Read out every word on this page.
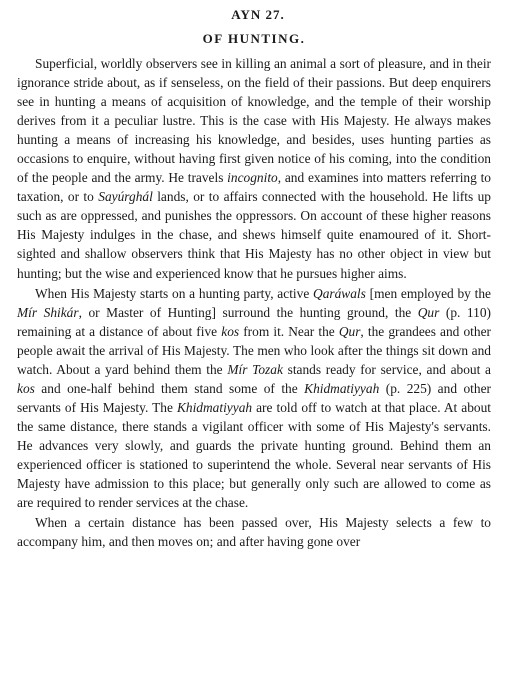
AYN 27.
OF HUNTING.

Superficial, worldly observers see in killing an animal a sort of pleasure, and in their ignorance stride about, as if senseless, on the field of their passions. But deep enquirers see in hunting a means of acquisition of knowledge, and the temple of their worship derives from it a peculiar lustre. This is the case with His Majesty. He always makes hunting a means of increasing his knowledge, and besides, uses hunting parties as occasions to enquire, without having first given notice of his coming, into the condition of the people and the army. He travels incognito, and examines into matters referring to taxation, or to Sayúrghál lands, or to affairs connected with the household. He lifts up such as are oppressed, and punishes the oppressors. On account of these higher reasons His Majesty indulges in the chase, and shews himself quite enamoured of it. Short-sighted and shallow observers think that His Majesty has no other object in view but hunting; but the wise and experienced know that he pursues higher aims.

When His Majesty starts on a hunting party, active Qaráwals [men employed by the Mír Shikár, or Master of Hunting] surround the hunting ground, the Qur (p. 110) remaining at a distance of about five kos from it. Near the Qur, the grandees and other people await the arrival of His Majesty. The men who look after the things sit down and watch. About a yard behind them the Mír Tozak stands ready for service, and about a kos and one-half behind them stand some of the Khidmatiyyah (p. 225) and other servants of His Majesty. The Khidmatiyyah are told off to watch at that place. At about the same distance, there stands a vigilant officer with some of His Majesty's servants. He advances very slowly, and guards the private hunting ground. Behind them an experienced officer is stationed to superintend the whole. Several near servants of His Majesty have admission to this place; but generally only such are allowed to come as are required to render services at the chase.

When a certain distance has been passed over, His Majesty selects a few to accompany him, and then moves on; and after having gone over
